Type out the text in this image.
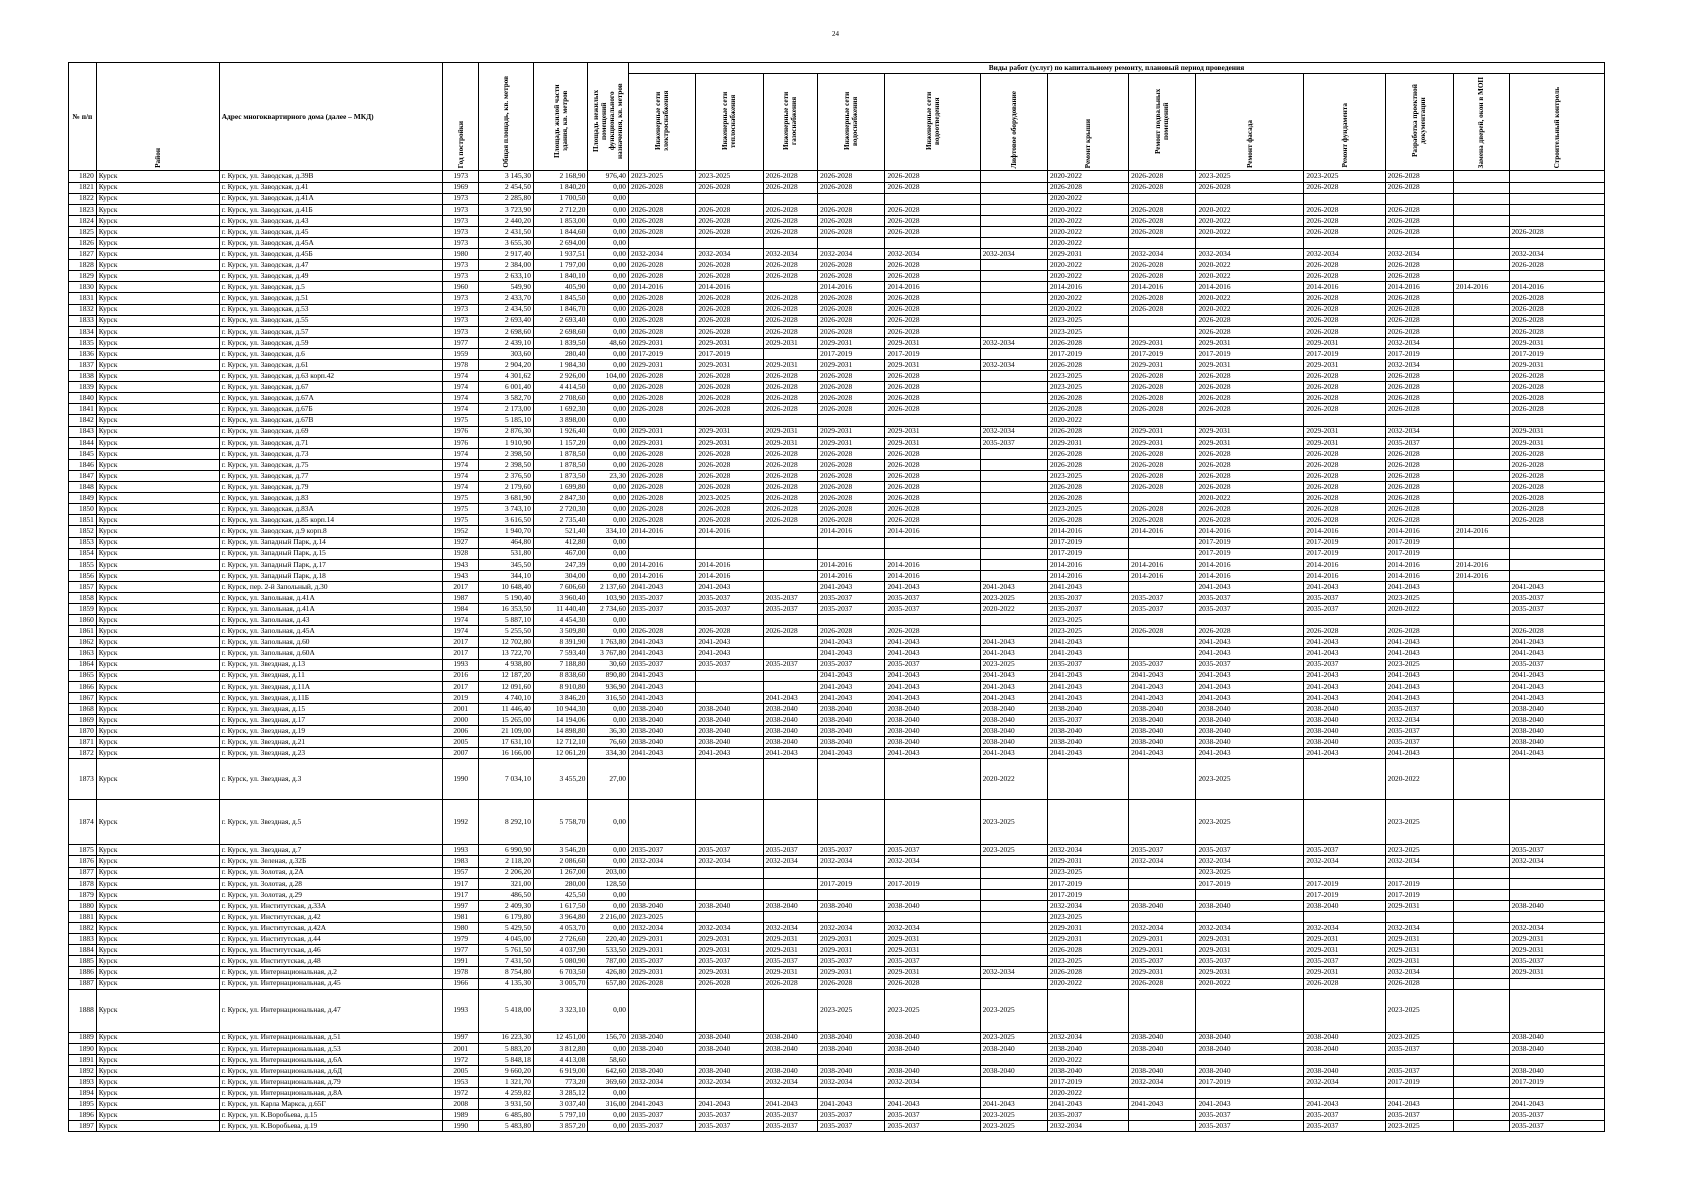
24
№ п/п	Район	Адрес многоквартирного дома (далее – МКД)	Год постройки	Общая площадь, кв. метров	Площадь жилой части здания, кв. метров	Площадь нежилых помещений функционального назначения, кв. метров	Виды работ (услуг) по капитальному ремонту, плановый период проведения												
							Инженерные сети электроснабжения	Инженерные сети теплоснабжения	Инженерные сети газоснабжения	Инженерные сети водоснабжения	Инженерные сети водоотведения	Лифтовое оборудование	Ремонт крыши	Ремонт подвальных помещений	Ремонт фасада	Ремонт фундамента	Разработка проектной документации	Замена дверей, окон в МОП	Строительный контроль
1820	Курск	г. Курск, ул. Заводская, д.39В	1973	3 145,30	2 168,90	976,40	2023-2025	2023-2025	2026-2028	2026-2028	2026-2028		2020-2022	2026-2028	2023-2025	2023-2025	2026-2028		
1821	Курск	г. Курск, ул. Заводская, д.41	1969	2 454,50	1 840,20	0,00	2026-2028	2026-2028	2026-2028	2026-2028	2026-2028		2026-2028	2026-2028	2026-2028	2026-2028	2026-2028		
1822	Курск	г. Курск, ул. Заводская, д.41А	1973	2 285,80	1 700,50	0,00							2020-2022						
1823	Курск	г. Курск, ул. Заводская, д.41Б	1973	3 723,90	2 712,20	0,00	2026-2028	2026-2028	2026-2028	2026-2028	2026-2028		2020-2022	2026-2028	2020-2022	2026-2028	2026-2028		
1824	Курск	г. Курск, ул. Заводская, д.43	1973	2 440,20	1 853,00	0,00	2026-2028	2026-2028	2026-2028	2026-2028	2026-2028		2020-2022	2026-2028	2020-2022	2026-2028	2026-2028		
1825	Курск	г. Курск, ул. Заводская, д.45	1973	2 431,50	1 844,60	0,00	2026-2028	2026-2028	2026-2028	2026-2028	2026-2028		2020-2022	2026-2028	2020-2022	2026-2028	2026-2028		2026-2028
1826	Курск	г. Курск, ул. Заводская, д.45А	1973	3 655,30	2 694,00	0,00							2020-2022						
1827	Курск	г. Курск, ул. Заводская, д.45Б	1980	2 917,40	1 937,51	0,00	2032-2034	2032-2034	2032-2034	2032-2034	2032-2034	2032-2034	2029-2031	2032-2034	2032-2034	2032-2034	2032-2034		2032-2034
1828	Курск	г. Курск, ул. Заводская, д.47	1973	2 384,00	1 797,00	0,00	2026-2028	2026-2028	2026-2028	2026-2028	2026-2028		2020-2022	2026-2028	2020-2022	2026-2028	2026-2028		2026-2028
1829	Курск	г. Курск, ул. Заводская, д.49	1973	2 633,10	1 840,10	0,00	2026-2028	2026-2028	2026-2028	2026-2028	2026-2028		2020-2022	2026-2028	2020-2022	2026-2028	2026-2028		
1830	Курск	г. Курск, ул. Заводская, д.5	1960	549,90	405,90	0,00	2014-2016	2014-2016		2014-2016	2014-2016		2014-2016	2014-2016	2014-2016	2014-2016	2014-2016	2014-2016	2014-2016
1831	Курск	г. Курск, ул. Заводская, д.51	1973	2 433,70	1 845,50	0,00	2026-2028	2026-2028	2026-2028	2026-2028	2026-2028		2020-2022	2026-2028	2020-2022	2026-2028	2026-2028		2026-2028
1832	Курск	г. Курск, ул. Заводская, д.53	1973	2 434,50	1 846,70	0,00	2026-2028	2026-2028	2026-2028	2026-2028	2026-2028		2020-2022	2026-2028	2020-2022	2026-2028	2026-2028		2026-2028
1833	Курск	г. Курск, ул. Заводская, д.55	1973	2 693,40	2 693,40	0,00	2026-2028	2026-2028	2026-2028	2026-2028	2026-2028		2023-2025		2026-2028	2026-2028	2026-2028		2026-2028
1834	Курск	г. Курск, ул. Заводская, д.57	1973	2 698,60	2 698,60	0,00	2026-2028	2026-2028	2026-2028	2026-2028	2026-2028		2023-2025		2026-2028	2026-2028	2026-2028		2026-2028
1835	Курск	г. Курск, ул. Заводская, д.59	1977	2 439,10	1 839,50	48,60	2029-2031	2029-2031	2029-2031	2029-2031	2029-2031	2032-2034	2026-2028	2029-2031	2029-2031	2029-2031	2032-2034		2029-2031
1836	Курск	г. Курск, ул. Заводская, д.6	1959	303,60	280,40	0,00	2017-2019	2017-2019		2017-2019	2017-2019		2017-2019	2017-2019	2017-2019	2017-2019	2017-2019		2017-2019
1837	Курск	г. Курск, ул. Заводская, д.61	1978	2 904,20	1 984,30	0,00	2029-2031	2029-2031	2029-2031	2029-2031	2029-2031	2032-2034	2026-2028	2029-2031	2029-2031	2029-2031	2032-2034		2029-2031
1838	Курск	г. Курск, ул. Заводская, д.63 корп.42	1974	4 301,62	2 926,00	104,00	2026-2028	2026-2028	2026-2028	2026-2028	2026-2028		2023-2025	2026-2028	2026-2028	2026-2028	2026-2028		2026-2028
1839	Курск	г. Курск, ул. Заводская, д.67	1974	6 001,40	4 414,50	0,00	2026-2028	2026-2028	2026-2028	2026-2028	2026-2028		2023-2025	2026-2028	2026-2028	2026-2028	2026-2028		2026-2028
1840	Курск	г. Курск, ул. Заводская, д.67А	1974	3 582,70	2 708,60	0,00	2026-2028	2026-2028	2026-2028	2026-2028	2026-2028		2026-2028	2026-2028	2026-2028	2026-2028	2026-2028		2026-2028
1841	Курск	г. Курск, ул. Заводская, д.67Б	1974	2 173,00	1 692,30	0,00	2026-2028	2026-2028	2026-2028	2026-2028	2026-2028		2026-2028	2026-2028	2026-2028	2026-2028	2026-2028		2026-2028
1842	Курск	г. Курск, ул. Заводская, д.67В	1975	5 185,10	3 898,00	0,00							2020-2022						
1843	Курск	г. Курск, ул. Заводская, д.69	1976	2 876,30	1 926,40	0,00	2029-2031	2029-2031	2029-2031	2029-2031	2029-2031	2032-2034	2026-2028	2029-2031	2029-2031	2029-2031	2032-2034		2029-2031
1844	Курск	г. Курск, ул. Заводская, д.71	1976	1 910,90	1 157,20	0,00	2029-2031	2029-2031	2029-2031	2029-2031	2029-2031	2035-2037	2029-2031	2029-2031	2029-2031	2029-2031	2035-2037		2029-2031
1845	Курск	г. Курск, ул. Заводская, д.73	1974	2 398,50	1 878,50	0,00	2026-2028	2026-2028	2026-2028	2026-2028	2026-2028		2026-2028	2026-2028	2026-2028	2026-2028	2026-2028		2026-2028
1846	Курск	г. Курск, ул. Заводская, д.75	1974	2 398,50	1 878,50	0,00	2026-2028	2026-2028	2026-2028	2026-2028	2026-2028		2026-2028	2026-2028	2026-2028	2026-2028	2026-2028		2026-2028
1847	Курск	г. Курск, ул. Заводская, д.77	1974	2 376,50	1 873,50	23,30	2026-2028	2026-2028	2026-2028	2026-2028	2026-2028		2023-2025	2026-2028	2026-2028	2026-2028	2026-2028		2026-2028
1848	Курск	г. Курск, ул. Заводская, д.79	1974	2 179,60	1 699,80	0,00	2026-2028	2026-2028	2026-2028	2026-2028	2026-2028		2026-2028	2026-2028	2026-2028	2026-2028	2026-2028		2026-2028
1849	Курск	г. Курск, ул. Заводская, д.83	1975	3 681,90	2 847,30	0,00	2026-2028	2023-2025	2026-2028	2026-2028	2026-2028		2026-2028		2020-2022	2026-2028	2026-2028		2026-2028
1850	Курск	г. Курск, ул. Заводская, д.83А	1975	3 743,10	2 720,30	0,00	2026-2028	2026-2028	2026-2028	2026-2028	2026-2028		2023-2025	2026-2028	2026-2028	2026-2028	2026-2028		2026-2028
1851	Курск	г. Курск, ул. Заводская, д.85 корп.14	1975	3 616,50	2 735,40	0,00	2026-2028	2026-2028	2026-2028	2026-2028	2026-2028		2026-2028	2026-2028	2026-2028	2026-2028	2026-2028		2026-2028
1852	Курск	г. Курск, ул. Заводская, д.9 корп.8	1952	1 940,70	521,40	334,10	2014-2016	2014-2016		2014-2016	2014-2016		2014-2016	2014-2016	2014-2016	2014-2016	2014-2016	2014-2016	
1853	Курск	г. Курск, ул. Западный Парк, д.14	1927	464,80	412,80	0,00							2017-2019		2017-2019	2017-2019	2017-2019		
1854	Курск	г. Курск, ул. Западный Парк, д.15	1928	531,80	467,00	0,00							2017-2019		2017-2019	2017-2019	2017-2019		
1855	Курск	г. Курск, ул. Западный Парк, д.17	1943	345,50	247,39	0,00	2014-2016	2014-2016		2014-2016	2014-2016		2014-2016	2014-2016	2014-2016	2014-2016	2014-2016	2014-2016	
1856	Курск	г. Курск, ул. Западный Парк, д.18	1943	344,10	304,00	0,00	2014-2016	2014-2016		2014-2016	2014-2016		2014-2016	2014-2016	2014-2016	2014-2016	2014-2016	2014-2016	
1857	Курск	г. Курск, пер. 2-й Запольный, д.30	2017	10 648,40	7 606,60	2 137,60	2041-2043	2041-2043		2041-2043	2041-2043	2041-2043	2041-2043		2041-2043	2041-2043	2041-2043		2041-2043
1858	Курск	г. Курск, ул. Запольная, д.41А	1987	5 190,40	3 960,40	103,90	2035-2037	2035-2037	2035-2037	2035-2037	2035-2037	2023-2025	2035-2037	2035-2037	2035-2037	2035-2037	2023-2025		2035-2037
1859	Курск	г. Курск, ул. Запольная, д.41А	1984	16 353,50	11 440,40	2 734,60	2035-2037	2035-2037	2035-2037	2035-2037	2035-2037	2020-2022	2035-2037	2035-2037	2035-2037	2035-2037	2020-2022		2035-2037
1860	Курск	г. Курск, ул. Запольная, д.43	1974	5 887,10	4 454,30	0,00							2023-2025						
1861	Курск	г. Курск, ул. Запольная, д.45А	1974	5 255,50	3 509,80	0,00	2026-2028	2026-2028	2026-2028	2026-2028	2026-2028		2023-2025	2026-2028	2026-2028	2026-2028	2026-2028		2026-2028
1862	Курск	г. Курск, ул. Запольная, д.60	2017	12 702,80	8 391,90	1 763,80	2041-2043	2041-2043		2041-2043	2041-2043	2041-2043	2041-2043		2041-2043	2041-2043	2041-2043		2041-2043
1863	Курск	г. Курск, ул. Запольная, д.60А	2017	13 722,70	7 593,40	3 767,80	2041-2043	2041-2043		2041-2043	2041-2043	2041-2043	2041-2043		2041-2043	2041-2043	2041-2043		2041-2043
1864	Курск	г. Курск, ул. Звездная, д.13	1993	4 938,80	7 188,80	30,60	2035-2037	2035-2037	2035-2037	2035-2037	2035-2037	2023-2025	2035-2037	2035-2037	2035-2037	2035-2037	2023-2025		2035-2037
1865	Курск	г. Курск, ул. Звездная, д.11	2016	12 187,20	8 838,60	890,80	2041-2043			2041-2043	2041-2043	2041-2043	2041-2043	2041-2043	2041-2043	2041-2043	2041-2043		2041-2043
1866	Курск	г. Курск, ул. Звездная, д.11А	2017	12 091,60	8 910,80	936,90	2041-2043			2041-2043	2041-2043	2041-2043	2041-2043	2041-2043	2041-2043	2041-2043	2041-2043		2041-2043
1867	Курск	г. Курск, ул. Звездная, д.11Б	2019	4 740,10	3 846,20	316,50	2041-2043		2041-2043	2041-2043	2041-2043	2041-2043	2041-2043	2041-2043	2041-2043	2041-2043	2041-2043		2041-2043
1868	Курск	г. Курск, ул. Звездная, д.15	2001	11 446,40	10 944,30	0,00	2038-2040	2038-2040	2038-2040	2038-2040	2038-2040	2038-2040	2038-2040	2038-2040	2038-2040	2038-2040	2035-2037		2038-2040
1869	Курск	г. Курск, ул. Звездная, д.17	2000	15 265,00	14 194,06	0,00	2038-2040	2038-2040	2038-2040	2038-2040	2038-2040	2038-2040	2035-2037	2038-2040	2038-2040	2038-2040	2032-2034		2038-2040
1870	Курск	г. Курск, ул. Звездная, д.19	2006	21 109,00	14 898,80	36,30	2038-2040	2038-2040	2038-2040	2038-2040	2038-2040	2038-2040	2038-2040	2038-2040	2038-2040	2038-2040	2035-2037		2038-2040
1871	Курск	г. Курск, ул. Звездная, д.21	2005	17 631,10	12 712,10	76,60	2038-2040	2038-2040	2038-2040	2038-2040	2038-2040	2038-2040	2038-2040	2038-2040	2038-2040	2038-2040	2035-2037		2038-2040
1872	Курск	г. Курск, ул. Звездная, д.23	2007	16 166,00	12 061,20	334,30	2041-2043	2041-2043	2041-2043	2041-2043	2041-2043	2041-2043	2041-2043	2041-2043	2041-2043	2041-2043	2041-2043		2041-2043
1873	Курск	г. Курск, ул. Звездная, д.3	1990	7 034,10	3 455,20	27,00						2020-2022			2023-2025		2020-2022		
1874	Курск	г. Курск, ул. Звездная, д.5	1992	8 292,10	5 758,70	0,00						2023-2025			2023-2025		2023-2025		
1875	Курск	г. Курск, ул. Звездная, д.7	1993	6 990,90	3 546,20	0,00	2035-2037	2035-2037	2035-2037	2035-2037	2035-2037	2023-2025	2032-2034	2035-2037	2035-2037	2035-2037	2023-2025		2035-2037
1876	Курск	г. Курск, ул. Зеленая, д.32Б	1983	2 118,20	2 086,60	0,00	2032-2034	2032-2034	2032-2034	2032-2034	2032-2034		2029-2031	2032-2034	2032-2034	2032-2034	2032-2034		2032-2034
1877	Курск	г. Курск, ул. Золотая, д.2А	1957	2 206,20	1 267,00	203,00							2023-2025		2023-2025				
1878	Курск	г. Курск, ул. Золотая, д.28	1917	321,00	280,00	128,50				2017-2019	2017-2019		2017-2019		2017-2019	2017-2019	2017-2019		
1879	Курск	г. Курск, ул. Золотая, д.29	1917	486,50	425,50	0,00							2017-2019			2017-2019	2017-2019		
1880	Курск	г. Курск, ул. Институтская, д.33А	1997	2 409,30	1 617,50	0,00	2038-2040	2038-2040	2038-2040	2038-2040	2038-2040		2032-2034	2038-2040	2038-2040	2038-2040	2029-2031		2038-2040
1881	Курск	г. Курск, ул. Институтская, д.42	1981	6 179,80	3 964,80	2 216,00	2023-2025						2023-2025						
1882	Курск	г. Курск, ул. Институтская, д.42А	1980	5 429,50	4 053,70	0,00	2032-2034	2032-2034	2032-2034	2032-2034	2032-2034		2029-2031	2032-2034	2032-2034	2032-2034	2032-2034		2032-2034
1883	Курск	г. Курск, ул. Институтская, д.44	1979	4 045,00	2 726,60	220,40	2029-2031	2029-2031	2029-2031	2029-2031	2029-2031		2029-2031	2029-2031	2029-2031	2029-2031	2029-2031		2029-2031
1884	Курск	г. Курск, ул. Институтская, д.46	1977	5 761,50	4 037,90	533,50	2029-2031	2029-2031	2029-2031	2029-2031	2029-2031		2026-2028	2029-2031	2029-2031	2029-2031	2029-2031		2029-2031
1885	Курск	г. Курск, ул. Институтская, д.48	1991	7 431,50	5 080,90	787,00	2035-2037	2035-2037	2035-2037	2035-2037	2035-2037		2023-2025	2035-2037	2035-2037	2035-2037	2029-2031		2035-2037
1886	Курск	г. Курск, ул. Интернациональная, д.2	1978	8 754,80	6 703,50	426,80	2029-2031	2029-2031	2029-2031	2029-2031	2029-2031	2032-2034	2026-2028	2029-2031	2029-2031	2029-2031	2032-2034		2029-2031
1887	Курск	г. Курск, ул. Интернациональная, д.45	1966	4 135,30	3 005,70	657,80	2026-2028	2026-2028	2026-2028	2026-2028	2026-2028		2020-2022	2026-2028	2020-2022	2026-2028	2026-2028		
1888	Курск	г. Курск, ул. Интернациональная, д.47	1993	5 418,00	3 323,10	0,00				2023-2025	2023-2025	2023-2025					2023-2025		
1889	Курск	г. Курск, ул. Интернациональная, д.51	1997	16 223,30	12 451,00	156,70	2038-2040	2038-2040	2038-2040	2038-2040	2038-2040	2023-2025	2032-2034	2038-2040	2038-2040	2038-2040	2023-2025		2038-2040
1890	Курск	г. Курск, ул. Интернациональная, д.53	2001	5 883,20	3 812,80	0,00	2038-2040	2038-2040	2038-2040	2038-2040	2038-2040	2038-2040	2038-2040	2038-2040	2038-2040	2038-2040	2035-2037		2038-2040
1891	Курск	г. Курск, ул. Интернациональная, д.6А	1972	5 848,18	4 413,08	58,60							2020-2022						
1892	Курск	г. Курск, ул. Интернациональная, д.6Д	2005	9 660,20	6 919,00	642,60	2038-2040	2038-2040	2038-2040	2038-2040	2038-2040	2038-2040	2038-2040	2038-2040	2038-2040	2038-2040	2035-2037		2038-2040
1893	Курск	г. Курск, ул. Интернациональная, д.79	1953	1 321,70	773,20	369,60	2032-2034	2032-2034	2032-2034	2032-2034	2032-2034		2017-2019	2032-2034	2017-2019	2032-2034	2017-2019		2017-2019
1894	Курск	г. Курск, ул. Интернациональная, д.8А	1972	4 259,82	3 285,12	0,00							2020-2022						
1895	Курск	г. Курск, ул. Карла Маркса, д.65Г	2008	3 931,50	3 037,40	316,00	2041-2043	2041-2043	2041-2043	2041-2043	2041-2043	2041-2043	2041-2043	2041-2043	2041-2043	2041-2043	2041-2043		2041-2043
1896	Курск	г. Курск, ул. К.Воробьева, д.15	1989	6 485,80	5 797,10	0,00	2035-2037	2035-2037	2035-2037	2035-2037	2035-2037	2023-2025	2035-2037		2035-2037	2035-2037	2035-2037		2035-2037
1897	Курск	г. Курск, ул. К.Воробьева, д.19	1990	5 483,80	3 857,20	0,00	2035-2037	2035-2037	2035-2037	2035-2037	2035-2037	2023-2025	2032-2034		2035-2037	2035-2037	2023-2025		2035-2037
